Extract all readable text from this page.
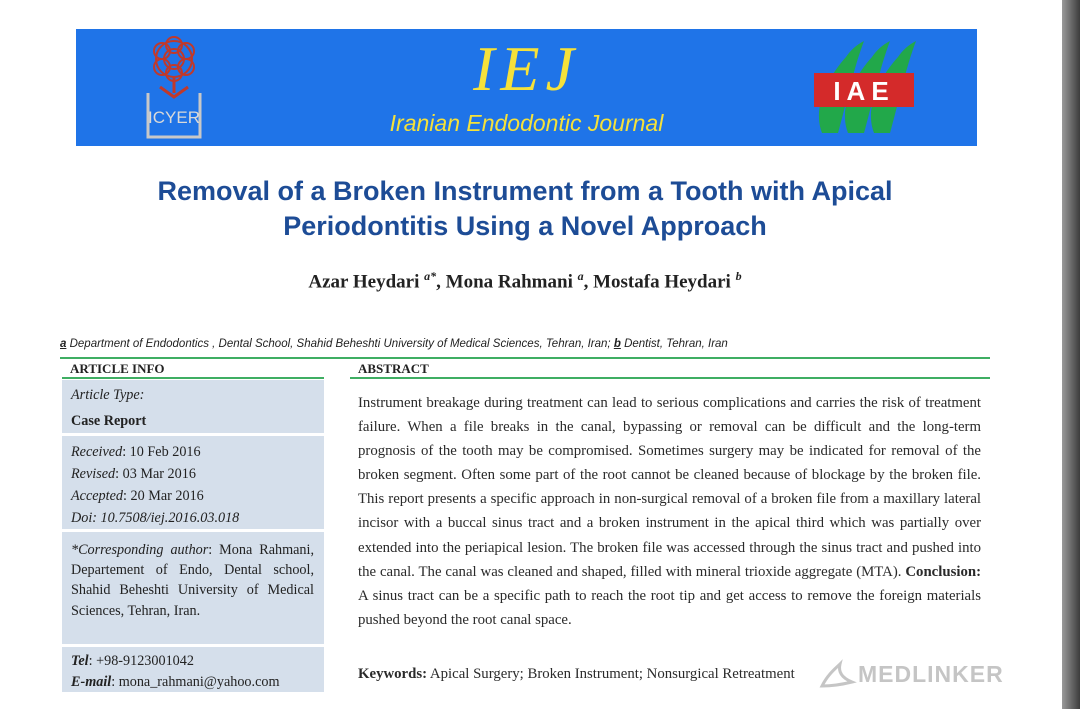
ICYER
IEJ
Iranian Endodontic Journal
IAE
Removal of a Broken Instrument from a Tooth with Apical
Periodontitis Using a Novel Approach
Azar Heydari $^{a*}$, Mona Rahmani $^a$, Mostafa Heydari $^b$
a Department of Endodontics , Dental School, Shahid Beheshti University of Medical Sciences, Tehran, Iran; b Dentist, Tehran, Iran
ARTICLE INFO	ABSTRACT
Article Type:
Case Report
Received: 10 Feb 2016
Revised: 03 Mar 2016
Accepted: 20 Mar 2016
Doi: 10.7508/iej.2016.03.018
*Corresponding author: Mona Rahmani, Departement of Endo, Dental school, Shahid Beheshti University of Medical Sciences, Tehran, Iran.
Tel: +98-9123001042
E-mail: mona_rahmani@yahoo.com
Instrument breakage during treatment can lead to serious complications and carries the risk of treatment failure. When a file breaks in the canal, bypassing or removal can be difficult and the long-term prognosis of the tooth may be compromised. Sometimes surgery may be indicated for removal of the broken segment. Often some part of the root cannot be cleaned because of blockage by the broken file. This report presents a specific approach in non-surgical removal of a broken file from a maxillary lateral incisor with a buccal sinus tract and a broken instrument in the apical third which was partially over extended into the periapical lesion. The broken file was accessed through the sinus tract and pushed into the canal. The canal was cleaned and shaped, filled with mineral trioxide aggregate (MTA). Conclusion: A sinus tract can be a specific path to reach the root tip and get access to remove the foreign materials pushed beyond the root canal space.
Keywords: Apical Surgery; Broken Instrument; Nonsurgical Retreatment	MEDLINKER
